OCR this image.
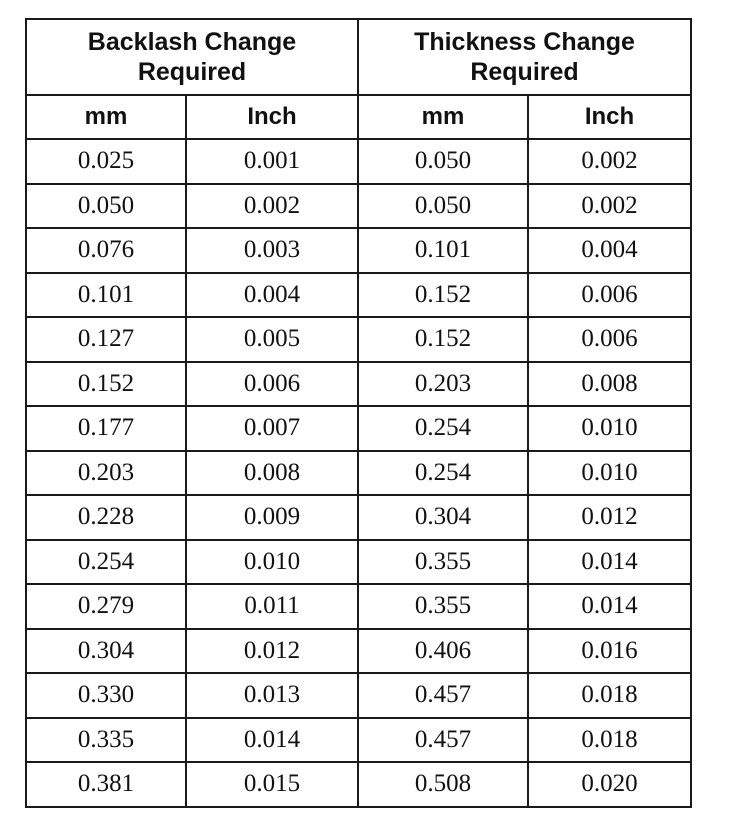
Backlash Change
Required		Thickness Change
Required	

mm	Inch	mm	Inch
0.025	0.001	0.050	0.002
0.050	0.002	0.050	0.002
0.076	0.003	0.101	0.004
0.101	0.004	0.152	0.006
0.127	0.005	0.152	0.006
0.152	0.006	0.203	0.008
0.177	0.007	0.254	0.010
0.203	0.008	0.254	0.010
0.228	0.009	0.304	0.012
0.254	0.010	0.355	0.014
0.279	0.011	0.355	0.014
0.304	0.012	0.406	0.016
0.330	0.013	0.457	0.018
0.335	0.014	0.457	0.018
0.381	0.015	0.508	0.020
